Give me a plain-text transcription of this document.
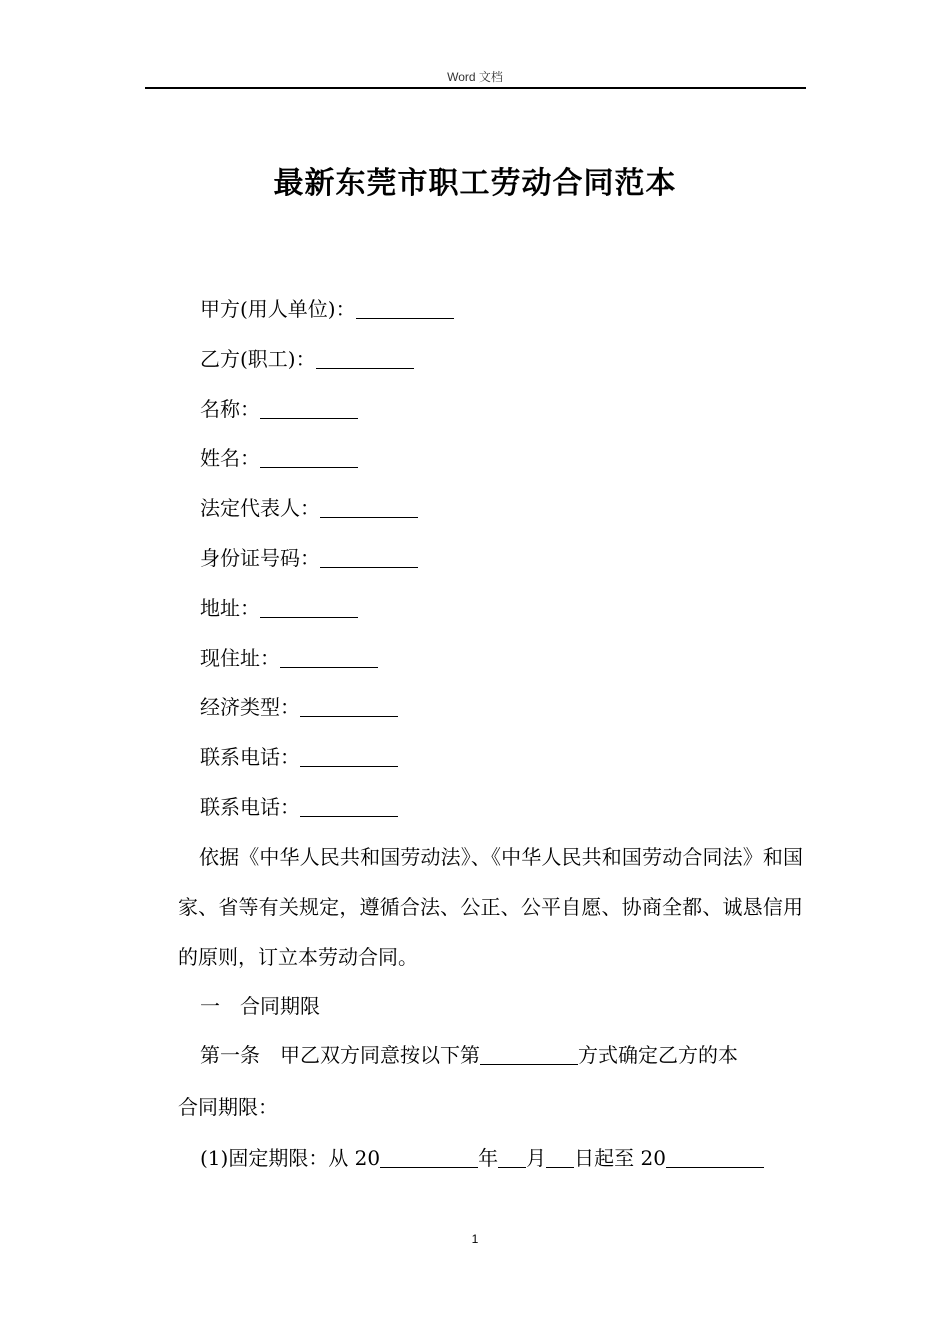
Word 文档
最新东莞市职工劳动合同范本
甲方(用人单位)：
乙方(职工)：
名称：
姓名：
法定代表人：
身份证号码：
地址：
现住址：
经济类型：
联系电话：
联系电话：
依据《中华人民共和国劳动法》、《中华人民共和国劳动合同法》和国家、省等有关规定，遵循合法、公正、公平自愿、协商全都、诚恳信用的原则，订立本劳动合同。
一　合同期限
第一条　甲乙双方同意按以下第	方式确定乙方的本
合同期限：
(1)固定期限：从 20	年 月 日起至 20
1
